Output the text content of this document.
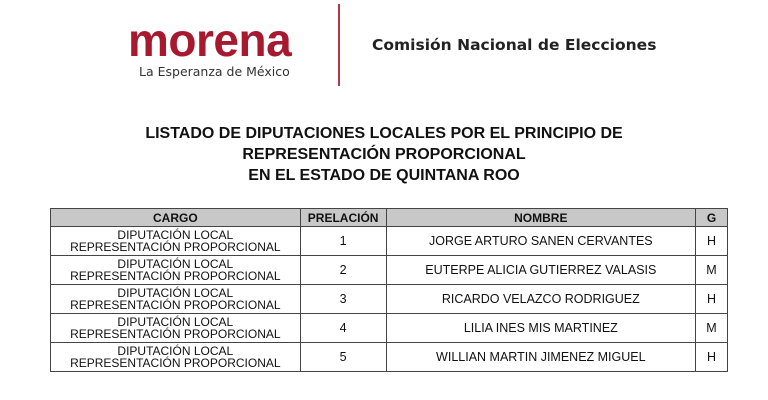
morena
La Esperanza de México
Comisión Nacional de Elecciones
LISTADO DE DIPUTACIONES LOCALES POR EL PRINCIPIO DE
REPRESENTACIÓN PROPORCIONAL
EN EL ESTADO DE QUINTANA ROO
CARGO	PRELACIÓN	NOMBRE	G

DIPUTACIÓN LOCAL
REPRESENTACIÓN PROPORCIONAL	1	JORGE ARTURO SANEN CERVANTES	H

DIPUTACIÓN LOCAL
REPRESENTACIÓN PROPORCIONAL	2	EUTERPE ALICIA GUTIERREZ VALASIS	M

DIPUTACIÓN LOCAL
REPRESENTACIÓN PROPORCIONAL	3	RICARDO VELAZCO RODRIGUEZ	H

DIPUTACIÓN LOCAL
REPRESENTACIÓN PROPORCIONAL	4	LILIA INES MIS MARTINEZ	M

DIPUTACIÓN LOCAL
REPRESENTACIÓN PROPORCIONAL	5	WILLIAN MARTIN JIMENEZ MIGUEL	H
